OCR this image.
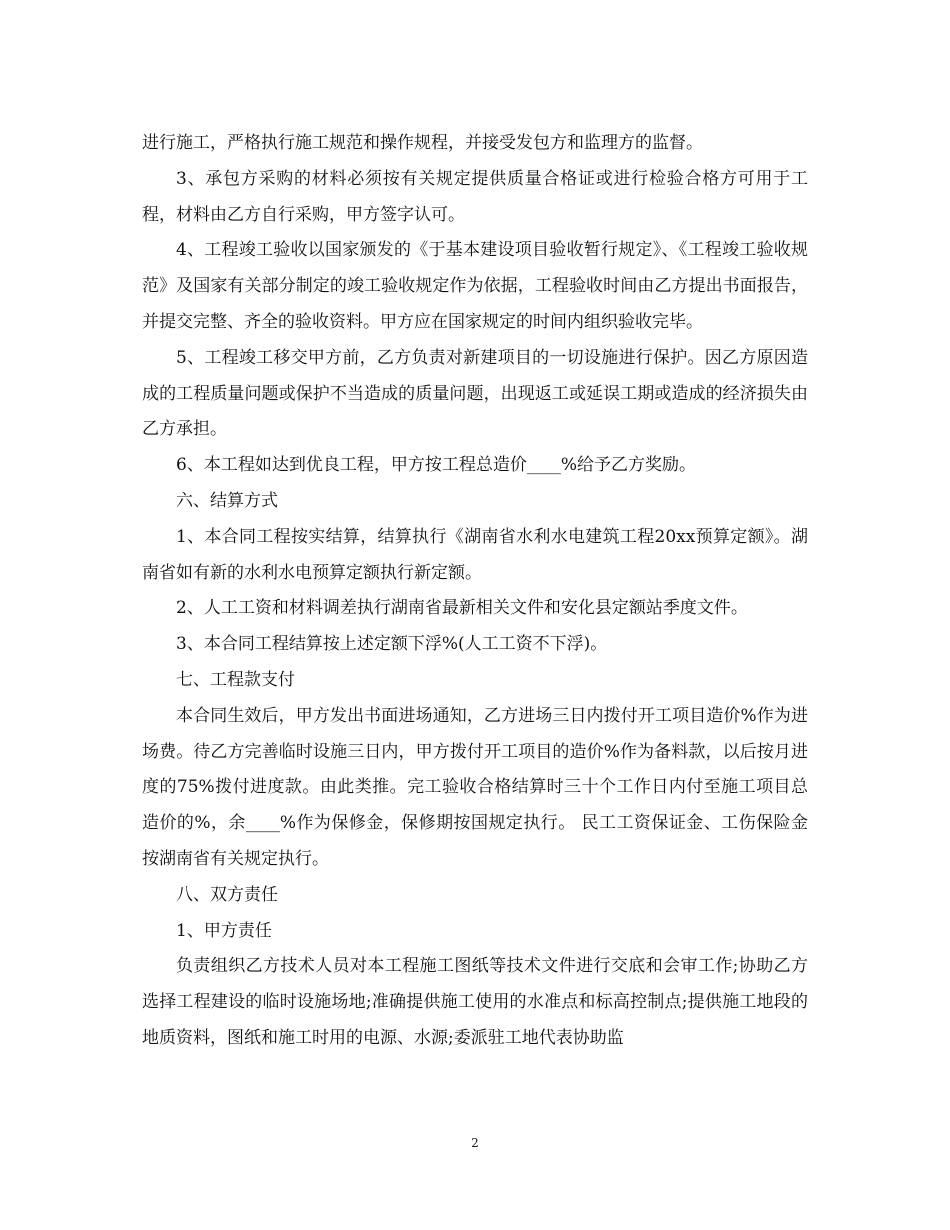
进行施工，严格执行施工规范和操作规程，并接受发包方和监理方的监督。

3、承包方采购的材料必须按有关规定提供质量合格证或进行检验合格方可用于工程，材料由乙方自行采购，甲方签字认可。

4、工程竣工验收以国家颁发的《于基本建设项目验收暂行规定》、《工程竣工验收规范》及国家有关部分制定的竣工验收规定作为依据，工程验收时间由乙方提出书面报告，并提交完整、齐全的验收资料。甲方应在国家规定的时间内组织验收完毕。

5、工程竣工移交甲方前，乙方负责对新建项目的一切设施进行保护。因乙方原因造成的工程质量问题或保护不当造成的质量问题，出现返工或延误工期或造成的经济损失由乙方承担。

6、本工程如达到优良工程，甲方按工程总造价____%给予乙方奖励。

六、结算方式

1、本合同工程按实结算，结算执行《湖南省水利水电建筑工程20xx预算定额》。湖南省如有新的水利水电预算定额执行新定额。

2、人工工资和材料调差执行湖南省最新相关文件和安化县定额站季度文件。

3、本合同工程结算按上述定额下浮%(人工工资不下浮)。

七、工程款支付

本合同生效后，甲方发出书面进场通知，乙方进场三日内拨付开工项目造价%作为进场费。待乙方完善临时设施三日内，甲方拨付开工项目的造价%作为备料款，以后按月进度的75%拨付进度款。由此类推。完工验收合格结算时三十个工作日内付至施工项目总造价的%，余____%作为保修金，保修期按国规定执行。 民工工资保证金、工伤保险金按湖南省有关规定执行。

八、双方责任

1、甲方责任

负责组织乙方技术人员对本工程施工图纸等技术文件进行交底和会审工作;协助乙方选择工程建设的临时设施场地;准确提供施工使用的水准点和标高控制点;提供施工地段的地质资料，图纸和施工时用的电源、水源;委派驻工地代表协助监

2
